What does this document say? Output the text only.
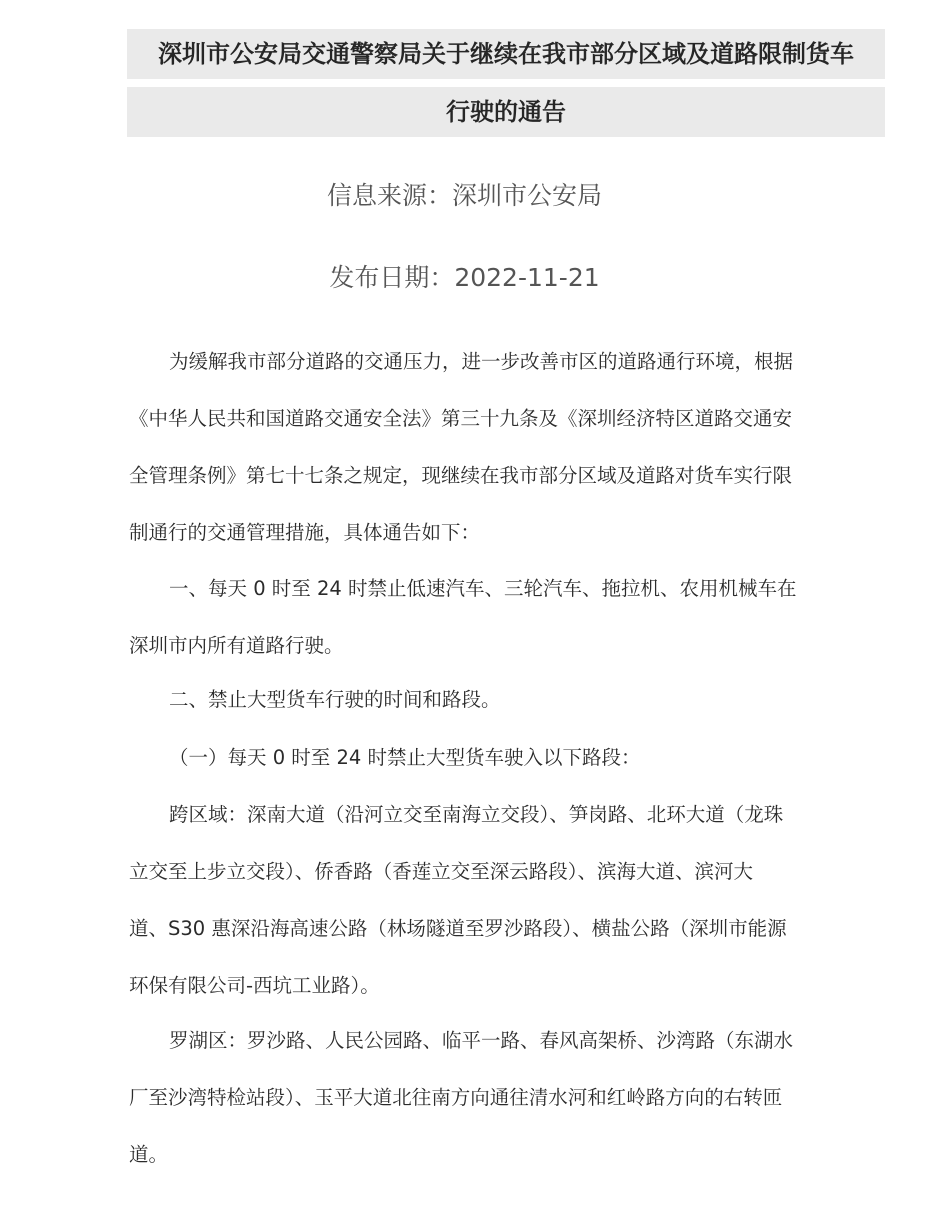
深圳市公安局交通警察局关于继续在我市部分区域及道路限制货车
行驶的通告
信息来源：深圳市公安局
发布日期：2022-11-21
为缓解我市部分道路的交通压力，进一步改善市区的道路通行环境，根据
《中华人民共和国道路交通安全法》第三十九条及《深圳经济特区道路交通安
全管理条例》第七十七条之规定，现继续在我市部分区域及道路对货车实行限
制通行的交通管理措施，具体通告如下：
一、每天 0 时至 24 时禁止低速汽车、三轮汽车、拖拉机、农用机械车在
深圳市内所有道路行驶。
二、禁止大型货车行驶的时间和路段。
（一）每天 0 时至 24 时禁止大型货车驶入以下路段：
跨区域：深南大道（沿河立交至南海立交段）、笋岗路、北环大道（龙珠
立交至上步立交段）、侨香路（香莲立交至深云路段）、滨海大道、滨河大
道、S30 惠深沿海高速公路（林场隧道至罗沙路段）、横盐公路（深圳市能源
环保有限公司-西坑工业路）。
罗湖区：罗沙路、人民公园路、临平一路、春风高架桥、沙湾路（东湖水
厂至沙湾特检站段）、玉平大道北往南方向通往清水河和红岭路方向的右转匝
道。
